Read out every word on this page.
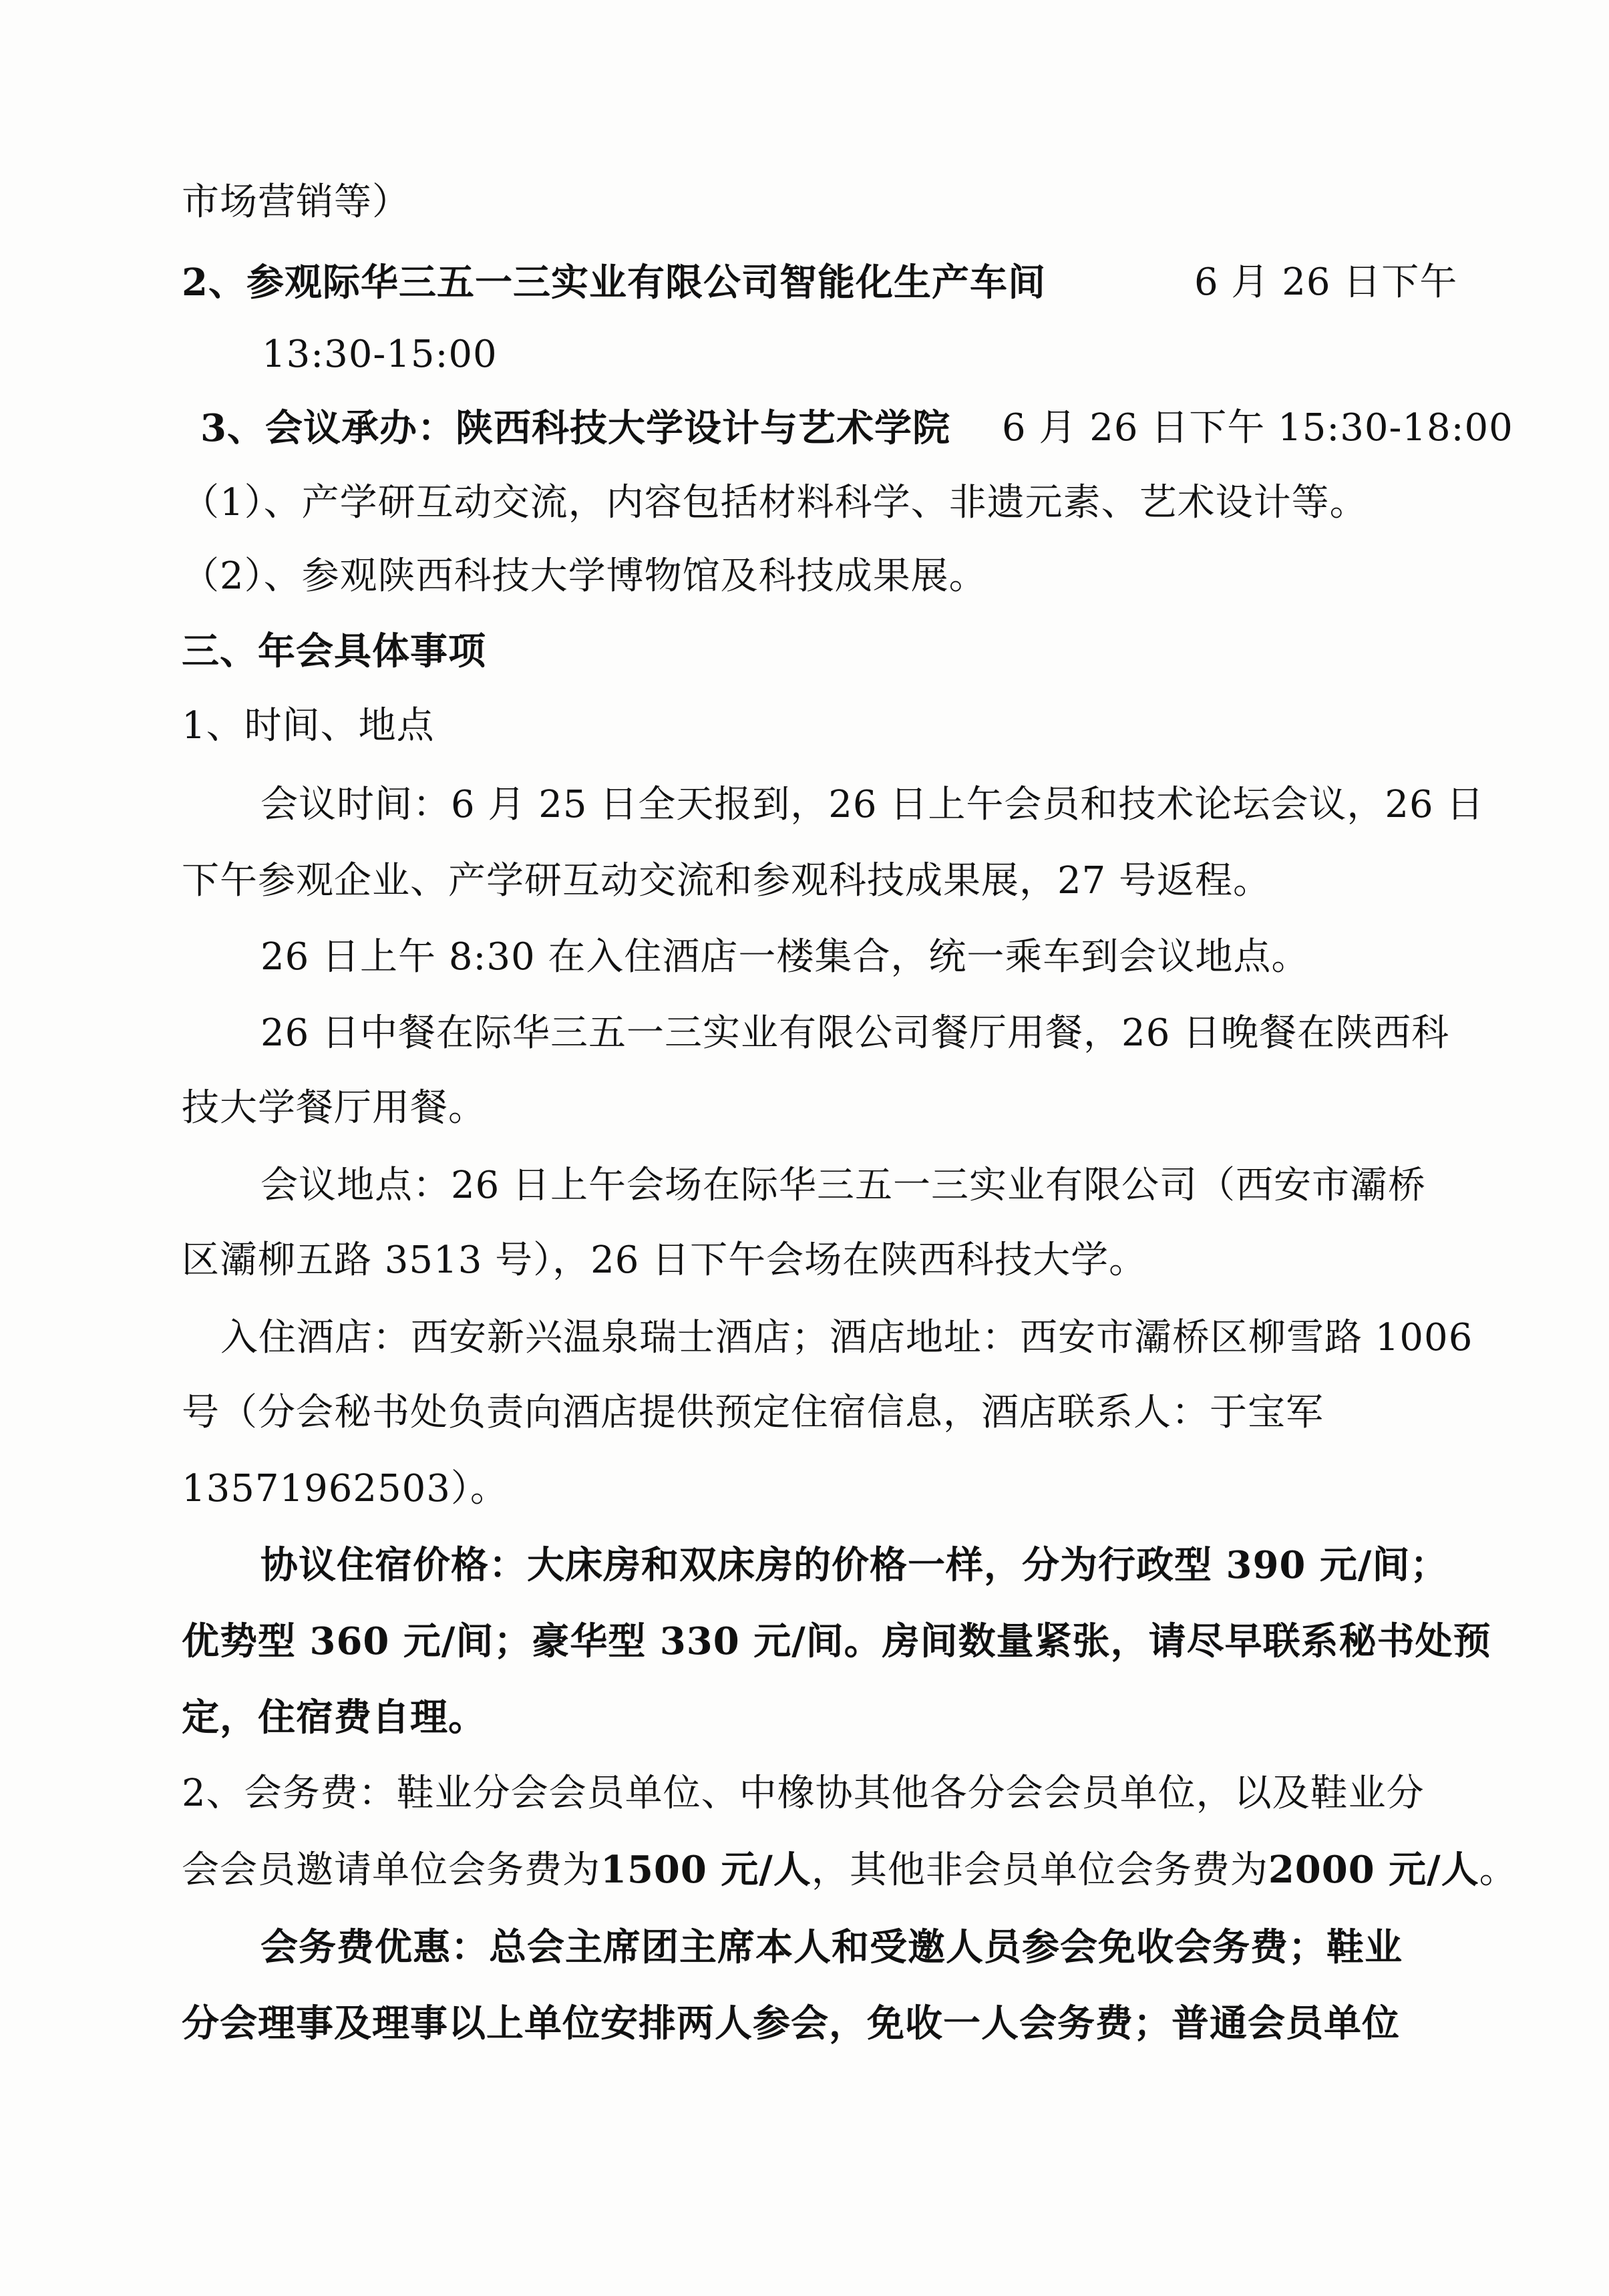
市场营销等）
2、参观际华三五一三实业有限公司智能化生产车间	6 月 26 日下午
13:30-15:00
3、会议承办：陕西科技大学设计与艺术学院 6 月 26 日下午 15:30-18:00
（1）、产学研互动交流，内容包括材料科学、非遗元素、艺术设计等。
（2）、参观陕西科技大学博物馆及科技成果展。
三、年会具体事项
1、时间、地点
会议时间：6 月 25 日全天报到，26 日上午会员和技术论坛会议，26 日
下午参观企业、产学研互动交流和参观科技成果展，27 号返程。
26 日上午 8:30 在入住酒店一楼集合，统一乘车到会议地点。
26 日中餐在际华三五一三实业有限公司餐厅用餐，26 日晚餐在陕西科
技大学餐厅用餐。
会议地点：26 日上午会场在际华三五一三实业有限公司（西安市灞桥
区灞柳五路 3513 号），26 日下午会场在陕西科技大学。
入住酒店：西安新兴温泉瑞士酒店；酒店地址：西安市灞桥区柳雪路 1006
号（分会秘书处负责向酒店提供预定住宿信息，酒店联系人：于宝军
13571962503）。
协议住宿价格：大床房和双床房的价格一样，分为行政型 390 元/间；
优势型 360 元/间；豪华型 330 元/间。房间数量紧张，请尽早联系秘书处预
定，住宿费自理。
2、会务费：鞋业分会会员单位、中橡协其他各分会会员单位，以及鞋业分
会会员邀请单位会务费为1500 元/人，其他非会员单位会务费为2000 元/人。
会务费优惠：总会主席团主席本人和受邀人员参会免收会务费；鞋业
分会理事及理事以上单位安排两人参会，免收一人会务费；普通会员单位
